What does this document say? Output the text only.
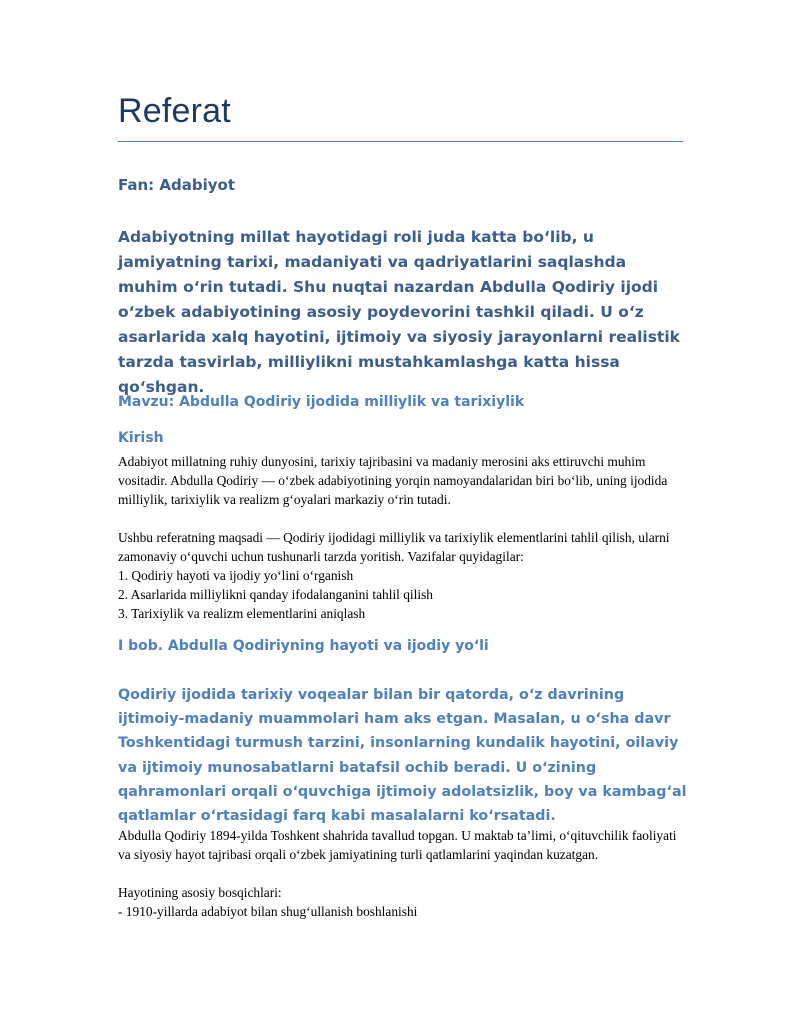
Referat
Fan: Adabiyot
Adabiyotning millat hayotidagi roli juda katta bo‘lib, u jamiyatning tarixi, madaniyati va qadriyatlarini saqlashda muhim o‘rin tutadi. Shu nuqtai nazardan Abdulla Qodiriy ijodi o‘zbek adabiyotining asosiy poydevorini tashkil qiladi. U o‘z asarlarida xalq hayotini, ijtimoiy va siyosiy jarayonlarni realistik tarzda tasvirlab, milliylikni mustahkamlashga katta hissa qo‘shgan.
Mavzu: Abdulla Qodiriy ijodida milliylik va tarixiylik
Kirish

Adabiyot millatning ruhiy dunyosini, tarixiy tajribasini va madaniy merosini aks ettiruvchi muhim vositadir. Abdulla Qodiriy — o‘zbek adabiyotining yorqin namoyandalaridan biri bo‘lib, uning ijodida milliylik, tarixiylik va realizm g‘oyalari markaziy o‘rin tutadi.

Ushbu referatning maqsadi — Qodiriy ijodidagi milliylik va tarixiylik elementlarini tahlil qilish, ularni zamonaviy o‘quvchi uchun tushunarli tarzda yoritish. Vazifalar quyidagilar:

1. Qodiriy hayoti va ijodiy yo‘lini o‘rganish

2. Asarlarida milliylikni qanday ifodalanganini tahlil qilish

3. Tarixiylik va realizm elementlarini aniqlash

I bob. Abdulla Qodiriyning hayoti va ijodiy yo‘li
Qodiriy ijodida tarixiy voqealar bilan bir qatorda, o‘z davrining ijtimoiy-madaniy muammolari ham aks etgan. Masalan, u o‘sha davr Toshkentidagi turmush tarzini, insonlarning kundalik hayotini, oilaviy va ijtimoiy munosabatlarni batafsil ochib beradi. U o‘zining qahramonlari orqali o‘quvchiga ijtimoiy adolatsizlik, boy va kambag‘al qatlamlar o‘rtasidagi farq kabi masalalarni ko‘rsatadi.

Abdulla Qodiriy 1894-yilda Toshkent shahrida tavallud topgan. U maktab ta’limi, o‘qituvchilik faoliyati va siyosiy hayot tajribasi orqali o‘zbek jamiyatining turli qatlamlarini yaqindan kuzatgan.

Hayotining asosiy bosqichlari:

- 1910-yillarda adabiyot bilan shug‘ullanish boshlanishi
